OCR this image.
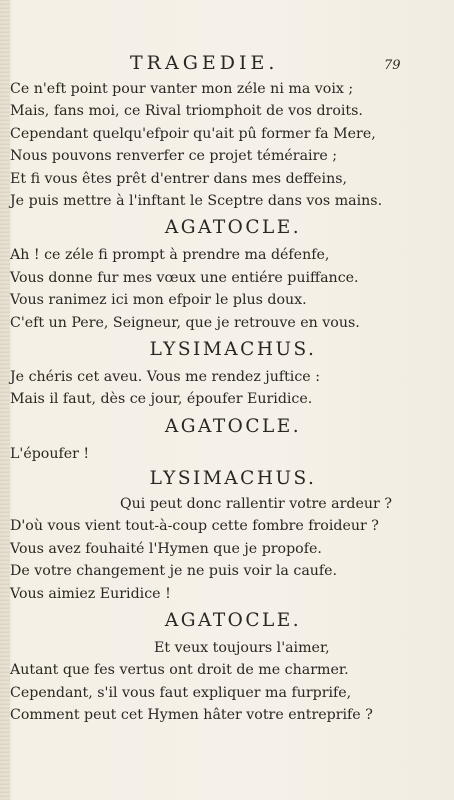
TRAGEDIE.	79
Ce n'eft point pour vanter mon zéle ni ma voix ;
Mais, fans moi, ce Rival triomphoit de vos droits.
Cependant quelqu'efpoir qu'ait pû former fa Mere,
Nous pouvons renverfer ce projet téméraire ;
Et fi vous êtes prêt d'entrer dans mes deffeins,
Je puis mettre à l'inftant le Sceptre dans vos mains.
AGATOCLE.
Ah ! ce zéle fi prompt à prendre ma défenfe,
Vous donne fur mes vœux une entiére puiffance.
Vous ranimez ici mon efpoir le plus doux.
C'eft un Pere, Seigneur, que je retrouve en vous.
LYSIMACHUS.
Je chéris cet aveu. Vous me rendez juftice :
Mais il faut, dès ce jour, époufer Euridice.
AGATOCLE.
L'époufer !
LYSIMACHUS.
Qui peut donc rallentir votre ardeur ?
D'où vous vient tout-à-coup cette fombre froideur ?
Vous avez fouhaité l'Hymen que je propofe.
De votre changement je ne puis voir la caufe.
Vous aimiez Euridice !
AGATOCLE.
Et veux toujours l'aimer,
Autant que fes vertus ont droit de me charmer.
Cependant, s'il vous faut expliquer ma furprife,
Comment peut cet Hymen hâter votre entreprife ?
